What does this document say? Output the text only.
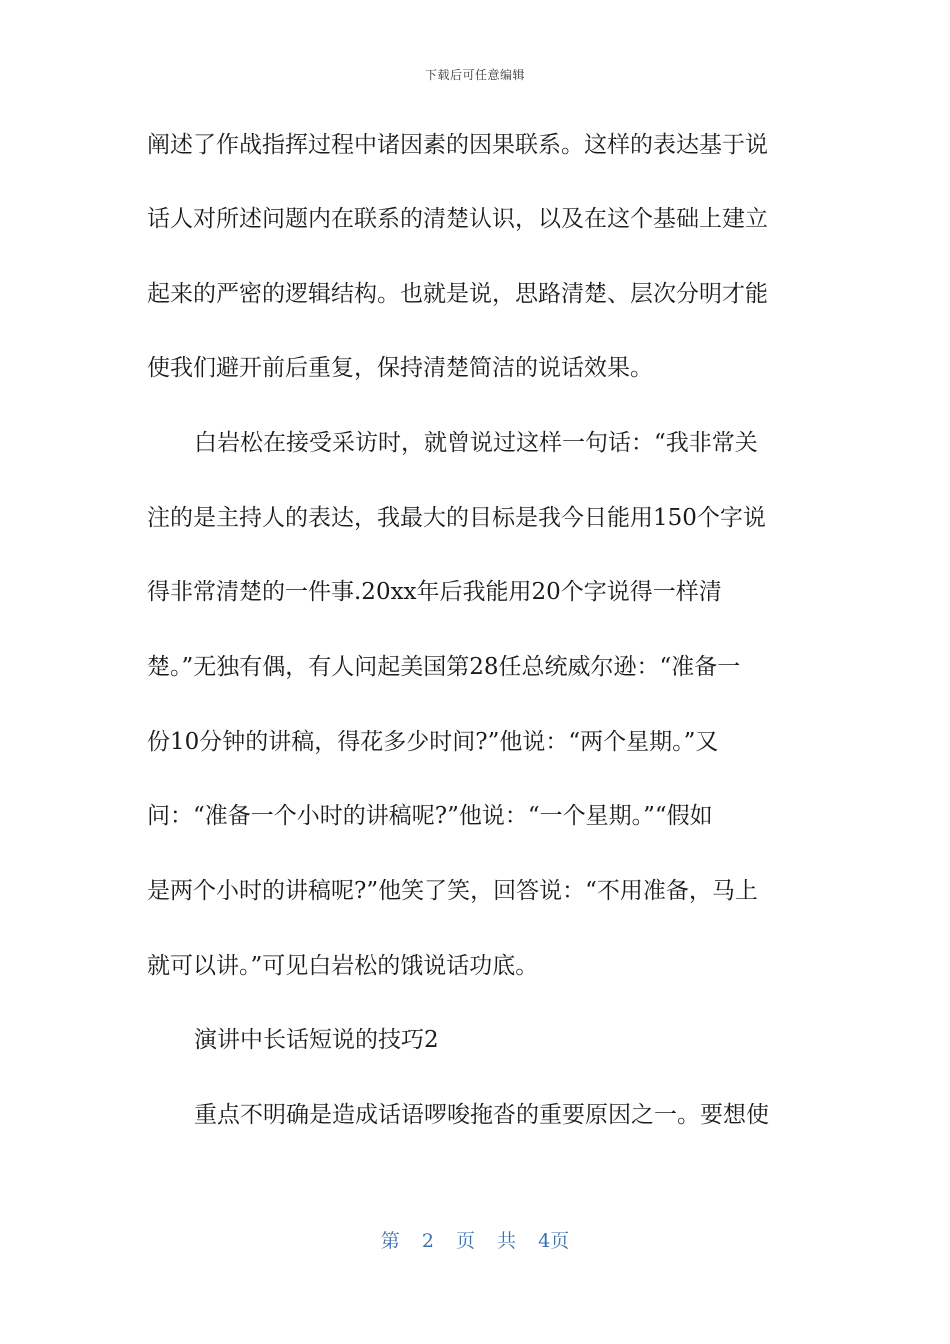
下载后可任意编辑
阐述了作战指挥过程中诸因素的因果联系。这样的表达基于说
话人对所述问题内在联系的清楚认识，以及在这个基础上建立
起来的严密的逻辑结构。也就是说，思路清楚、层次分明才能
使我们避开前后重复，保持清楚简洁的说话效果。
白岩松在接受采访时，就曾说过这样一句话：“我非常关
注的是主持人的表达，我最大的目标是我今日能用150个字说
得非常清楚的一件事.20xx年后我能用20个字说得一样清
楚。”无独有偶，有人问起美国第28任总统威尔逊：“准备一
份10分钟的讲稿，得花多少时间?”他说：“两个星期。”又
问：“准备一个小时的讲稿呢?”他说：“一个星期。”“假如
是两个小时的讲稿呢?”他笑了笑，回答说：“不用准备，马上
就可以讲。”可见白岩松的饿说话功底。
演讲中长话短说的技巧2
重点不明确是造成话语啰唆拖沓的重要原因之一。要想使
第 2 页 共 4页
